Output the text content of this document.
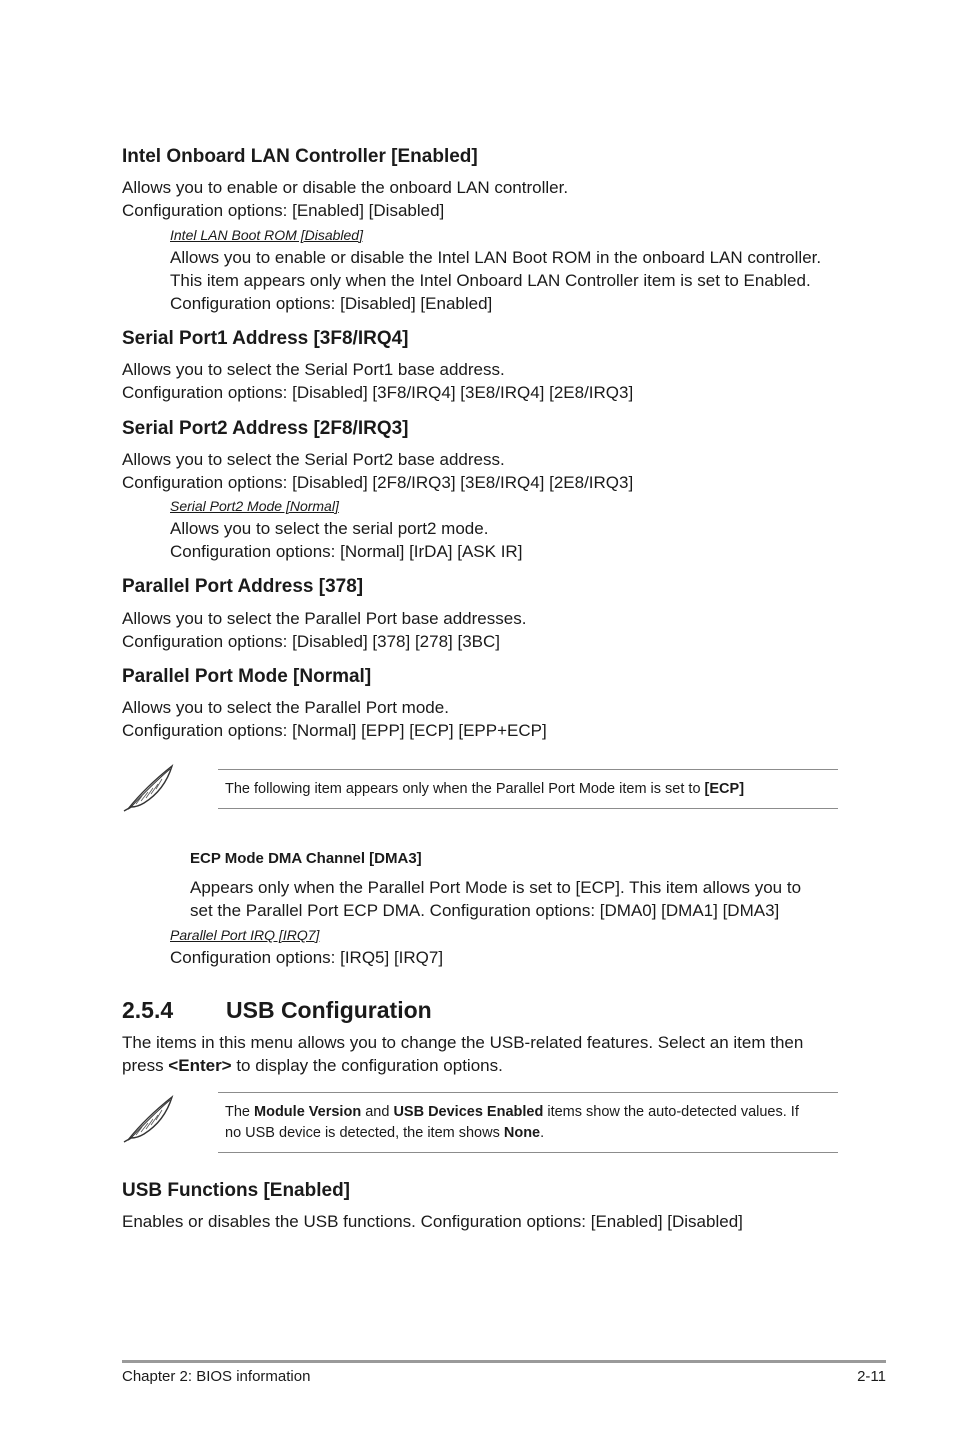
Intel Onboard LAN Controller [Enabled]
Allows you to enable or disable the onboard LAN controller.
Configuration options: [Enabled] [Disabled]
Intel LAN Boot ROM [Disabled]
Allows you to enable or disable the Intel LAN Boot ROM in the onboard LAN controller.
This item appears only when the Intel Onboard LAN Controller item is set to Enabled.
Configuration options: [Disabled] [Enabled]
Serial Port1 Address [3F8/IRQ4]
Allows you to select the Serial Port1 base address.
Configuration options: [Disabled] [3F8/IRQ4] [3E8/IRQ4] [2E8/IRQ3]
Serial Port2 Address [2F8/IRQ3]
Allows you to select the Serial Port2 base address.
Configuration options: [Disabled] [2F8/IRQ3] [3E8/IRQ4] [2E8/IRQ3]
Serial Port2 Mode [Normal]
Allows you to select the serial port2 mode.
Configuration options: [Normal] [IrDA] [ASK IR]
Parallel Port Address [378]
Allows you to select the Parallel Port base addresses.
Configuration options: [Disabled] [378] [278] [3BC]
Parallel Port Mode [Normal]
Allows you to select the Parallel Port mode.
Configuration options: [Normal] [EPP] [ECP] [EPP+ECP]
The following item appears only when the Parallel Port Mode item is set to [ECP]
ECP Mode DMA Channel [DMA3]
Appears only when the Parallel Port Mode is set to [ECP]. This item allows you to
set the Parallel Port ECP DMA. Configuration options: [DMA0] [DMA1] [DMA3]
Parallel Port IRQ [IRQ7]
Configuration options: [IRQ5] [IRQ7]
2.5.4 USB Configuration
The items in this menu allows you to change the USB-related features. Select an item then
press <Enter> to display the configuration options.
The Module Version and USB Devices Enabled items show the auto-detected values. If
no USB device is detected, the item shows None.
USB Functions [Enabled]
Enables or disables the USB functions. Configuration options: [Enabled] [Disabled]
Chapter 2: BIOS information	2-11
